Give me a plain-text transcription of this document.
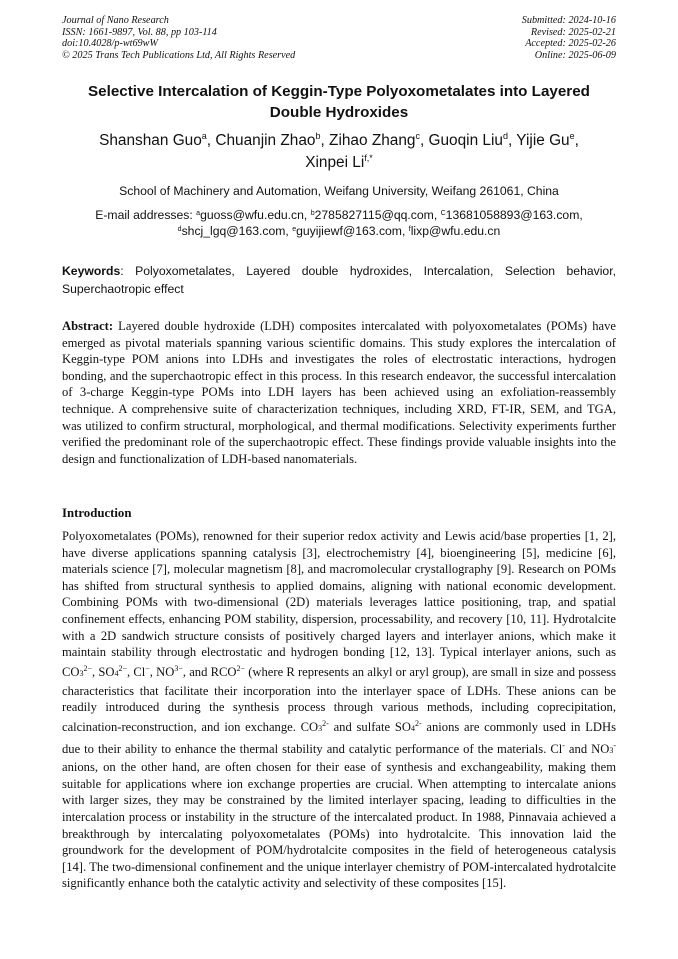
Journal of Nano Research
ISSN: 1661-9897, Vol. 88, pp 103-114
doi:10.4028/p-wt69wW
© 2025 Trans Tech Publications Ltd, All Rights Reserved
Submitted: 2024-10-16
Revised: 2025-02-21
Accepted: 2025-02-26
Online: 2025-06-09
Selective Intercalation of Keggin-Type Polyoxometalates into Layered Double Hydroxides
Shanshan Guo$^a$, Chuanjin Zhao$^b$, Zihao Zhang$^c$, Guoqin Liu$^d$, Yijie Gu$^e$,
Xinpei $Li^{f,*}$
School of Machinery and Automation, Weifang University, Weifang 261061, China
E-mail addresses: $^a$guoss@wfu.edu.cn, $^b$2785827115@qq.com, $^C$13681058893@163.com,
$^d$shcj_lgq@163.com, $^e$guyijiewf@163.com, $^f$lixp@wfu.edu.cn
Keywords: Polyoxometalates, Layered double hydroxides, Intercalation, Selection behavior, Superchaotropic effect
Abstract: Layered double hydroxide (LDH) composites intercalated with polyoxometalates (POMs) have emerged as pivotal materials spanning various scientific domains. This study explores the intercalation of Keggin-type POM anions into LDHs and investigates the roles of electrostatic interactions, hydrogen bonding, and the superchaotropic effect in this process. In this research endeavor, the successful intercalation of 3-charge Keggin-type POMs into LDH layers has been achieved using an exfoliation-reassembly technique. A comprehensive suite of characterization techniques, including XRD, FT-IR, SEM, and TGA, was utilized to confirm structural, morphological, and thermal modifications. Selectivity experiments further verified the predominant role of the superchaotropic effect. These findings provide valuable insights into the design and functionalization of LDH-based nanomaterials.
Introduction
Polyoxometalates (POMs), renowned for their superior redox activity and Lewis acid/base properties [1, 2], have diverse applications spanning catalysis [3], electrochemistry [4], bioengineering [5], medicine [6], materials science [7], molecular magnetism [8], and macromolecular crystallography [9]. Research on POMs has shifted from structural synthesis to applied domains, aligning with national economic development. Combining POMs with two-dimensional (2D) materials leverages lattice positioning, trap, and spatial confinement effects, enhancing POM stability, dispersion, processability, and recovery [10, 11]. Hydrotalcite with a 2D sandwich structure consists of positively charged layers and interlayer anions, which make it maintain stability through electrostatic and hydrogen bonding [12, 13]. Typical interlayer anions, such as $CO3^{2-}$, $SO4^{2-}$, Cl−, $NO^{3-}$, and $RCO^{2-}$ (where R represents an alkyl or aryl group), are small in size and possess characteristics that facilitate their incorporation into the interlayer space of LDHs. These anions can be readily introduced during the synthesis process through various methods, including coprecipitation, calcination-reconstruction, and ion exchange. $CO3^{2-}$ and sulfate $SO4^{2-}$ anions are commonly used in LDHs due to their ability to enhance the thermal stability and catalytic performance of the materials. Cl- and NO3- anions, on the other hand, are often chosen for their ease of synthesis and exchangeability, making them suitable for applications where ion exchange properties are crucial. When attempting to intercalate anions with larger sizes, they may be constrained by the limited interlayer spacing, leading to difficulties in the intercalation process or instability in the structure of the intercalated product. In 1988, Pinnavaia achieved a breakthrough by intercalating polyoxometalates (POMs) into hydrotalcite. This innovation laid the groundwork for the development of POM/hydrotalcite composites in the field of heterogeneous catalysis [14]. The two-dimensional confinement and the unique interlayer chemistry of POM-intercalated hydrotalcite significantly enhance both the catalytic activity and selectivity of these composites [15].
